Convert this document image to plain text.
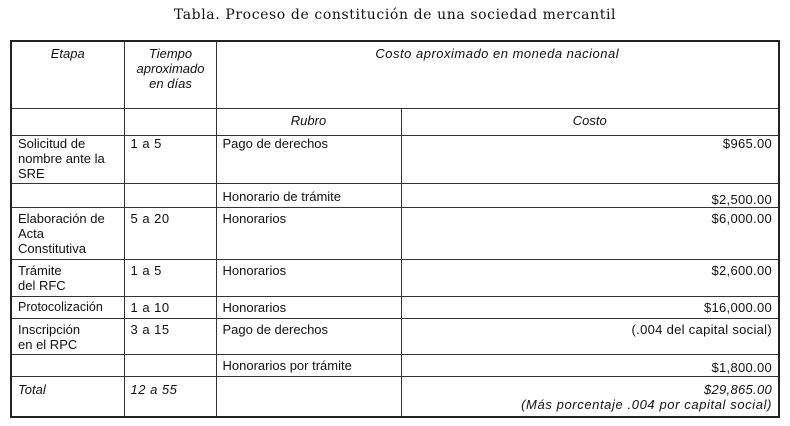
Tabla. Proceso de constitución de una sociedad mercantil
Etapa	Tiempo aproximado en días	Costo aproximado en moneda nacional	
		Rubro	Costo
Solicitud de nombre ante la SRE	1 a 5	Pago de derechos	$965.00
		Honorario de trámite	$2,500.00
Elaboración de Acta Constitutiva	5 a 20	Honorarios	$6,000.00
Trámite del RFC	1 a 5	Honorarios	$2,600.00
Protocolización	1 a 10	Honorarios	$16,000.00
Inscripción en el RPC	3 a 15	Pago de derechos	(.004 del capital social)
		Honorarios por trámite	$1,800.00
Total	12 a 55		$29,865.00
(Más porcentaje .004 por capital social)
